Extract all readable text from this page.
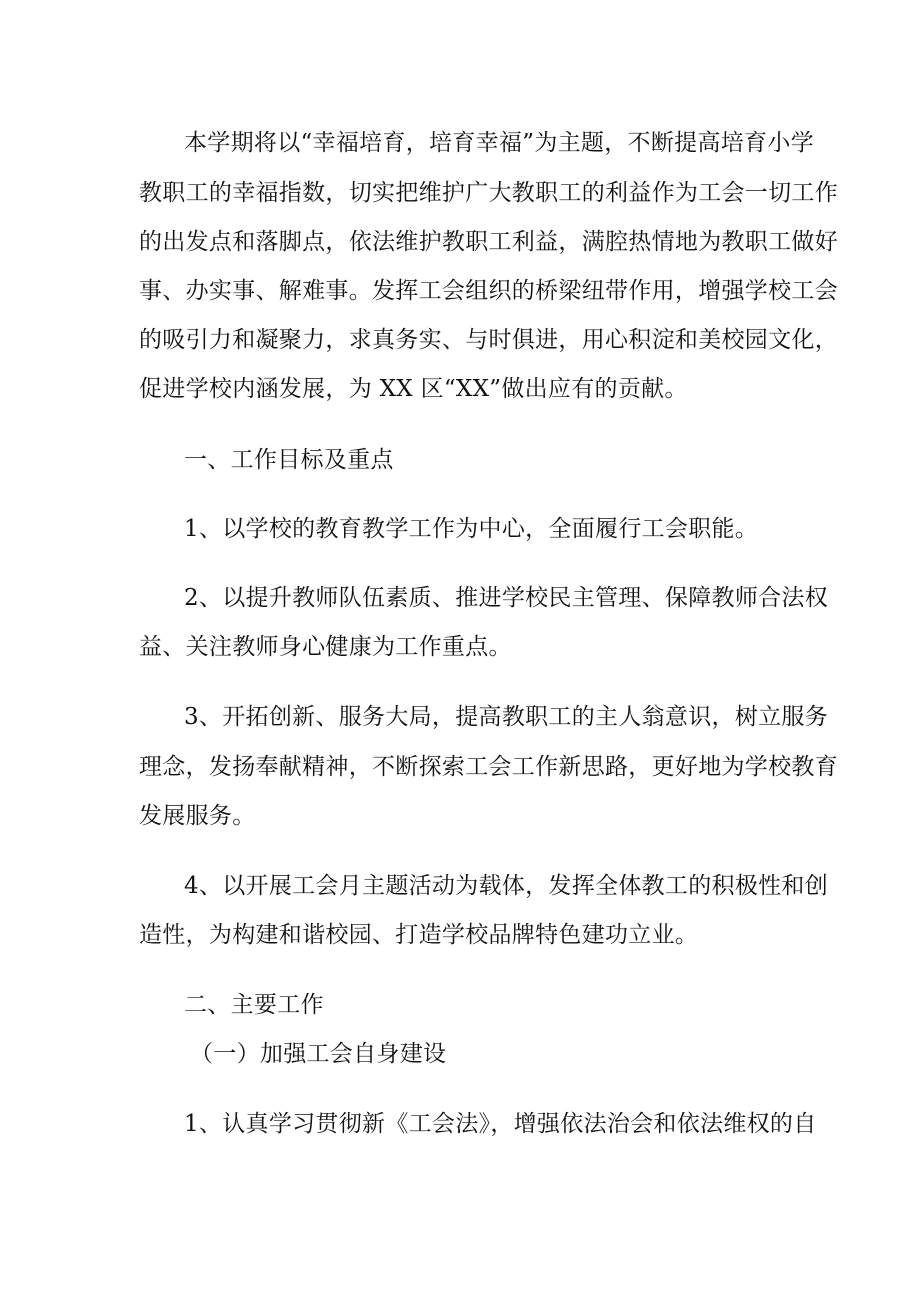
本学期将以“幸福培育，培育幸福”为主题，不断提高培育小学
教职工的幸福指数，切实把维护广大教职工的利益作为工会一切工作
的出发点和落脚点，依法维护教职工利益，满腔热情地为教职工做好
事、办实事、解难事。发挥工会组织的桥梁纽带作用，增强学校工会
的吸引力和凝聚力，求真务实、与时俱进，用心积淀和美校园文化，
促进学校内涵发展，为 XX 区“XX”做出应有的贡献。
一、工作目标及重点
1、以学校的教育教学工作为中心，全面履行工会职能。
2、以提升教师队伍素质、推进学校民主管理、保障教师合法权
益、关注教师身心健康为工作重点。
3、开拓创新、服务大局，提高教职工的主人翁意识，树立服务
理念，发扬奉献精神，不断探索工会工作新思路，更好地为学校教育
发展服务。
4、以开展工会月主题活动为载体，发挥全体教工的积极性和创
造性，为构建和谐校园、打造学校品牌特色建功立业。
二、主要工作
（一）加强工会自身建设
1、认真学习贯彻新《工会法》，增强依法治会和依法维权的自
